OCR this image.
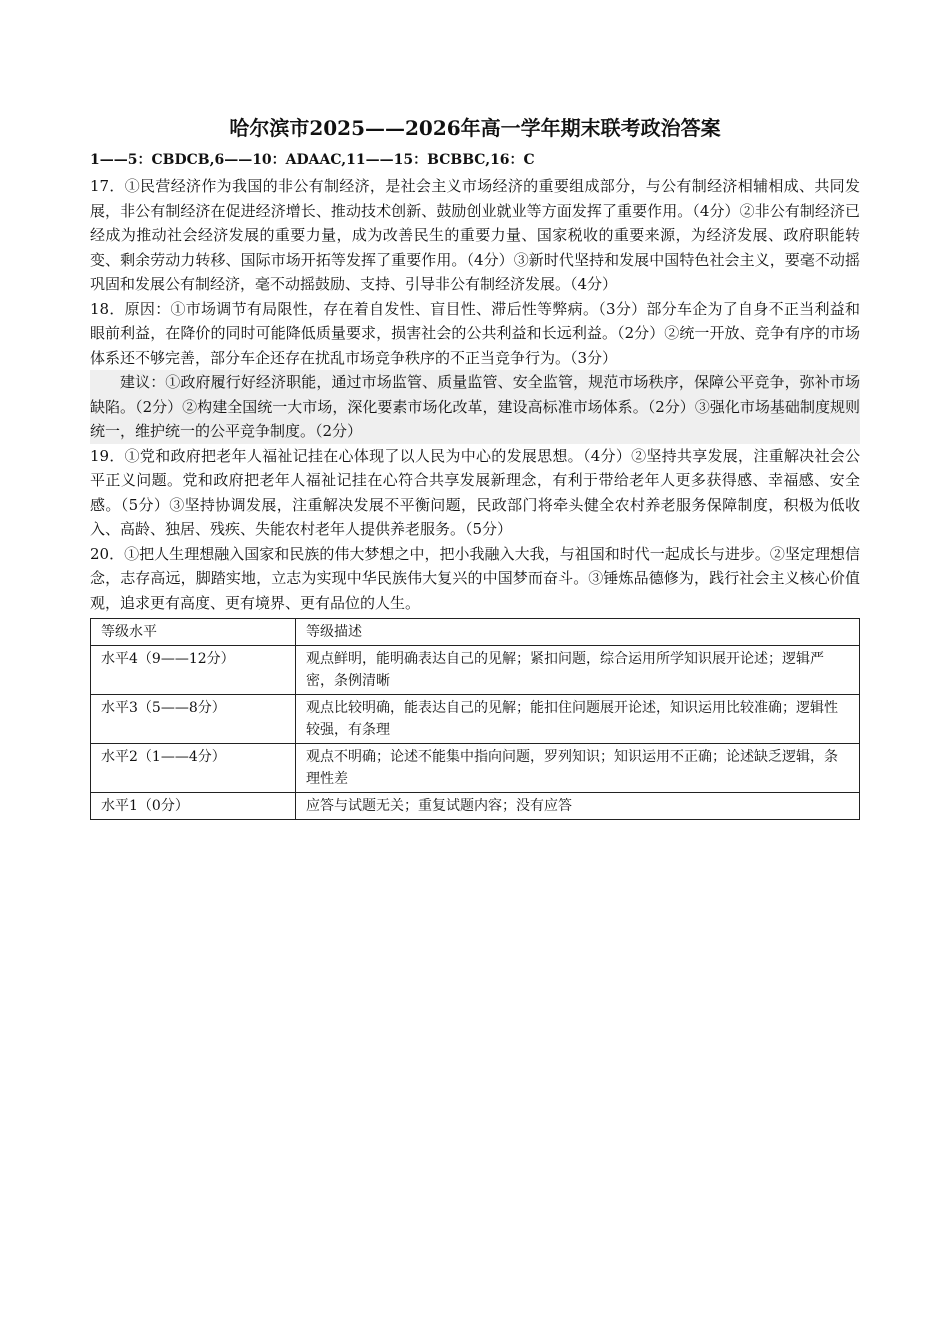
哈尔滨市2025——2026年高一学年期末联考政治答案
1——5：CBDCB,6——10：ADAAC,11——15：BCBBC,16：C

17．①民营经济作为我国的非公有制经济，是社会主义市场经济的重要组成部分，与公有制经济相辅相成、共同发展，非公有制经济在促进经济增长、推动技术创新、鼓励创业就业等方面发挥了重要作用。（4分）②非公有制经济已经成为推动社会经济发展的重要力量，成为改善民生的重要力量、国家税收的重要来源，为经济发展、政府职能转变、剩余劳动力转移、国际市场开拓等发挥了重要作用。（4分）③新时代坚持和发展中国特色社会主义，要毫不动摇巩固和发展公有制经济，毫不动摇鼓励、支持、引导非公有制经济发展。（4分）

18．原因：①市场调节有局限性，存在着自发性、盲目性、滞后性等弊病。（3分）部分车企为了自身不正当利益和眼前利益，在降价的同时可能降低质量要求，损害社会的公共利益和长远利益。（2分）②统一开放、竞争有序的市场体系还不够完善，部分车企还存在扰乱市场竞争秩序的不正当竞争行为。（3分）

建议：①政府履行好经济职能，通过市场监管、质量监管、安全监管，规范市场秩序，保障公平竞争，弥补市场缺陷。（2分）②构建全国统一大市场，深化要素市场化改革，建设高标准市场体系。（2分）③强化市场基础制度规则统一，维护统一的公平竞争制度。（2分）

19．①党和政府把老年人福祉记挂在心体现了以人民为中心的发展思想。（4分）②坚持共享发展，注重解决社会公平正义问题。党和政府把老年人福祉记挂在心符合共享发展新理念，有利于带给老年人更多获得感、幸福感、安全感。（5分）③坚持协调发展，注重解决发展不平衡问题，民政部门将牵头健全农村养老服务保障制度，积极为低收入、高龄、独居、残疾、失能农村老年人提供养老服务。（5分）

20．①把人生理想融入国家和民族的伟大梦想之中，把小我融入大我，与祖国和时代一起成长与进步。②坚定理想信念，志存高远，脚踏实地，立志为实现中华民族伟大复兴的中国梦而奋斗。③锤炼品德修为，践行社会主义核心价值观，追求更有高度、更有境界、更有品位的人生。

等级水平	等级描述
水平4（9——12分）	观点鲜明，能明确表达自己的见解；紧扣问题，综合运用所学知识展开论述；逻辑严密，条例清晰
水平3（5——8分）	观点比较明确，能表达自己的见解；能扣住问题展开论述，知识运用比较准确；逻辑性较强，有条理
水平2（1——4分）	观点不明确；论述不能集中指向问题，罗列知识；知识运用不正确；论述缺乏逻辑，条理性差
水平1（0分）	应答与试题无关；重复试题内容；没有应答
